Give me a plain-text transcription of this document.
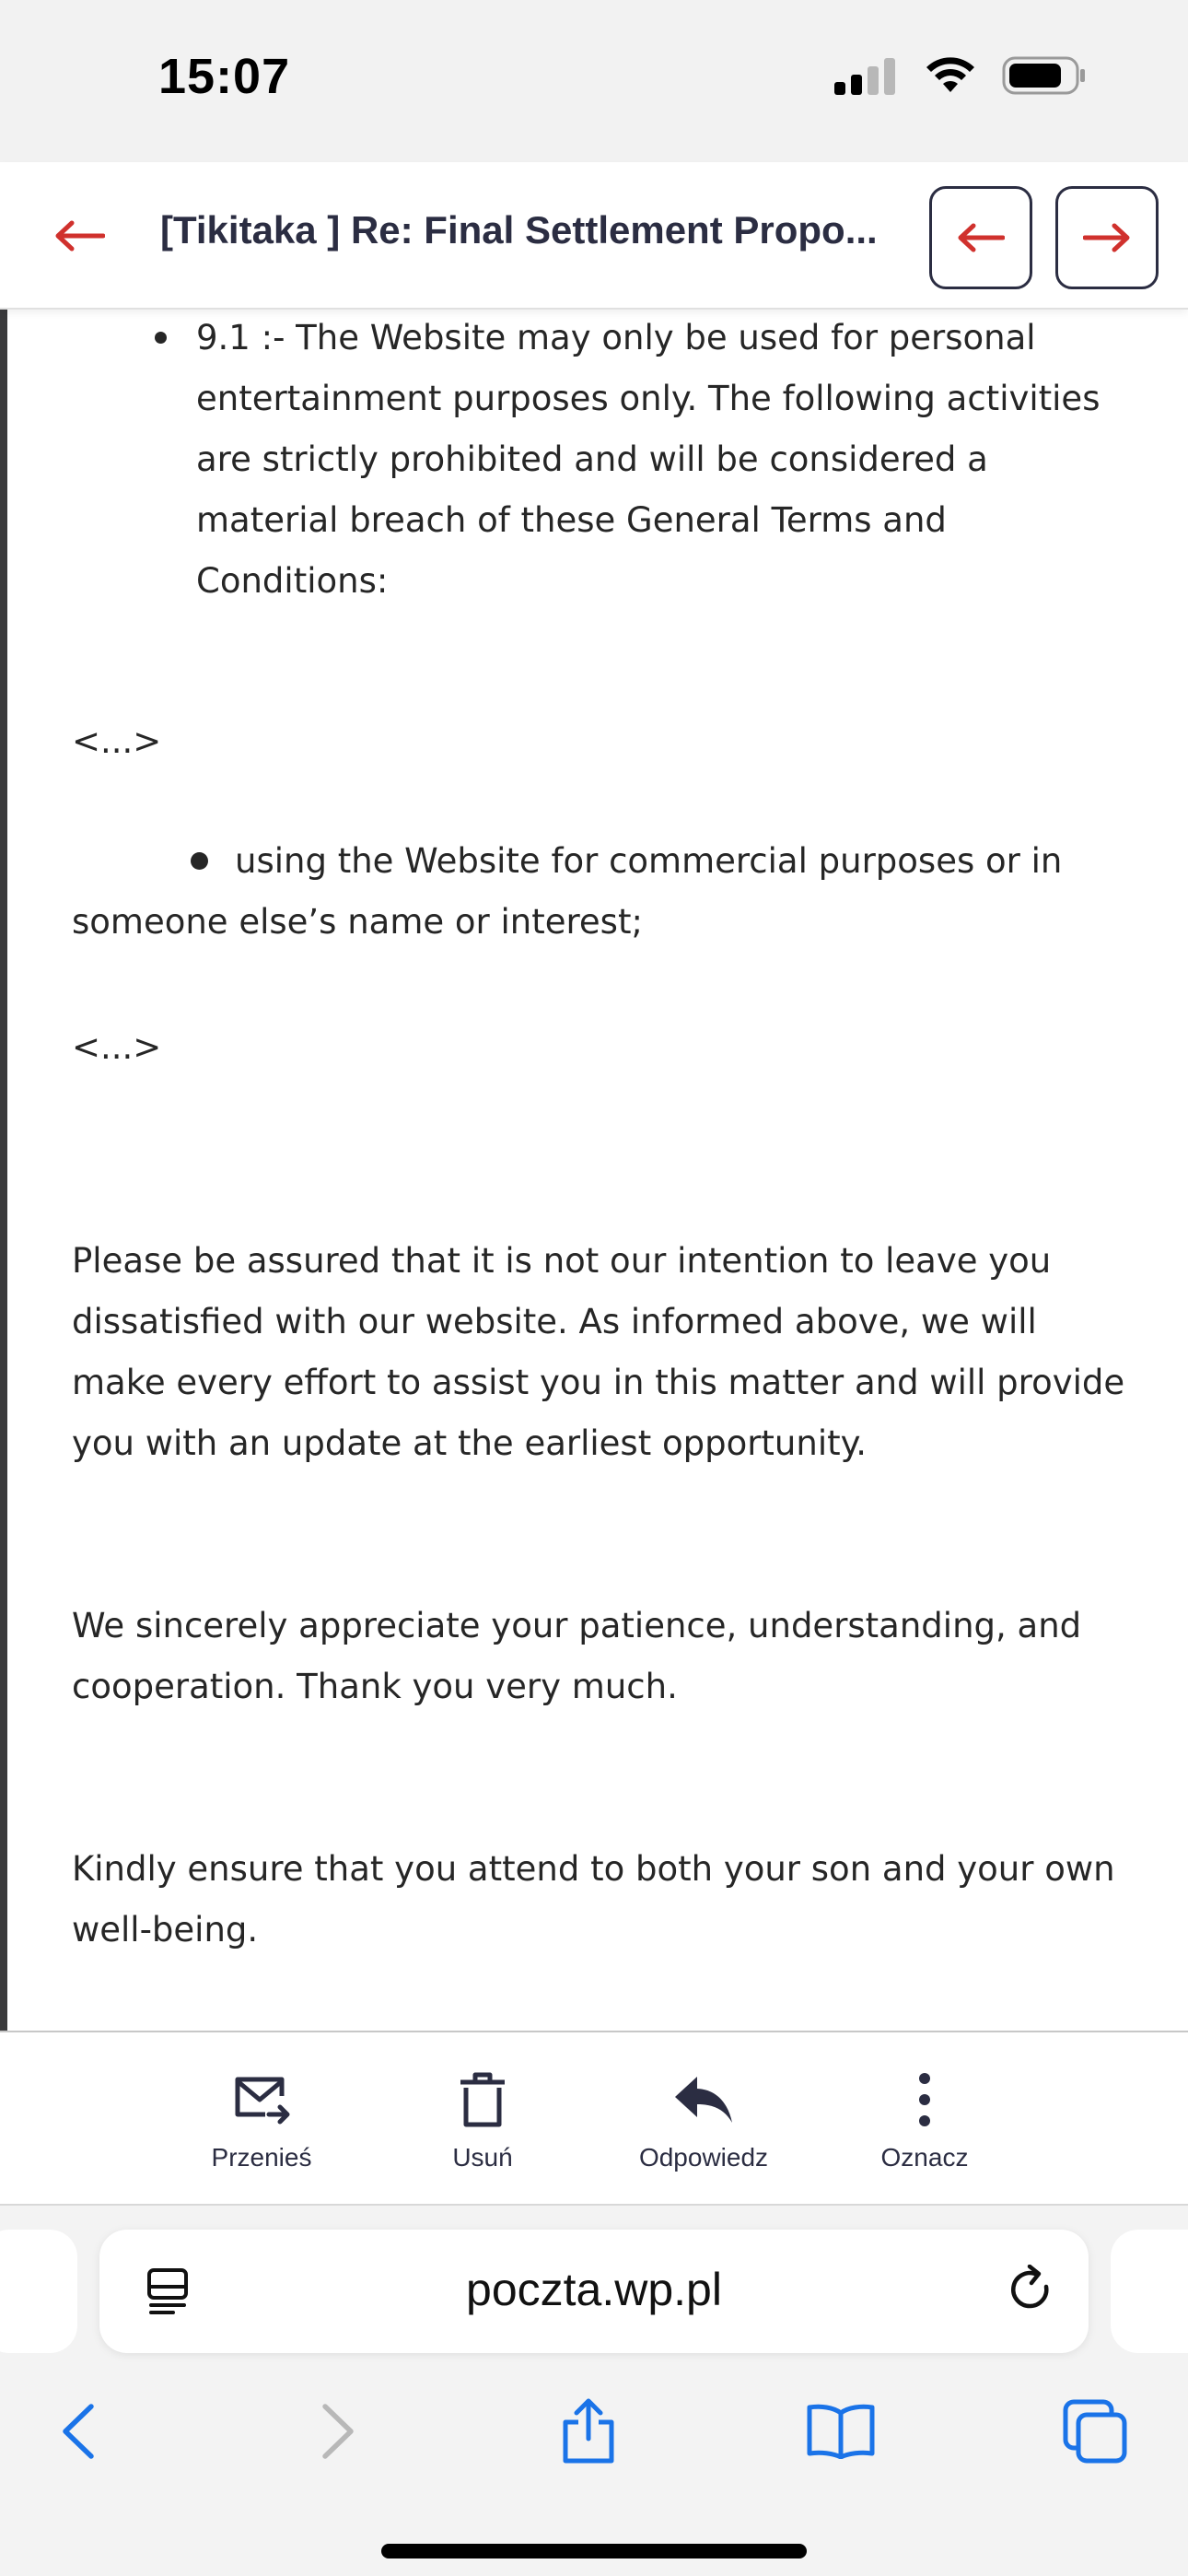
15:07
[Tikitaka ] Re: Final Settlement Propo...
9.1 :- The Website may only be used for personal
entertainment purposes only. The following activities
are strictly prohibited and will be considered a
material breach of these General Terms and
Conditions:
<...>
using the Website for commercial purposes or in
someone else’s name or interest;
<...>
Please be assured that it is not our intention to leave you
dissatisfied with our website. As informed above, we will
make every effort to assist you in this matter and will provide
you with an update at the earliest opportunity.
We sincerely appreciate your patience, understanding, and
cooperation. Thank you very much.
Kindly ensure that you attend to both your son and your own
well-being.
Przenieś	Usuń	Odpowiedz	Oznacz
poczta.wp.pl
